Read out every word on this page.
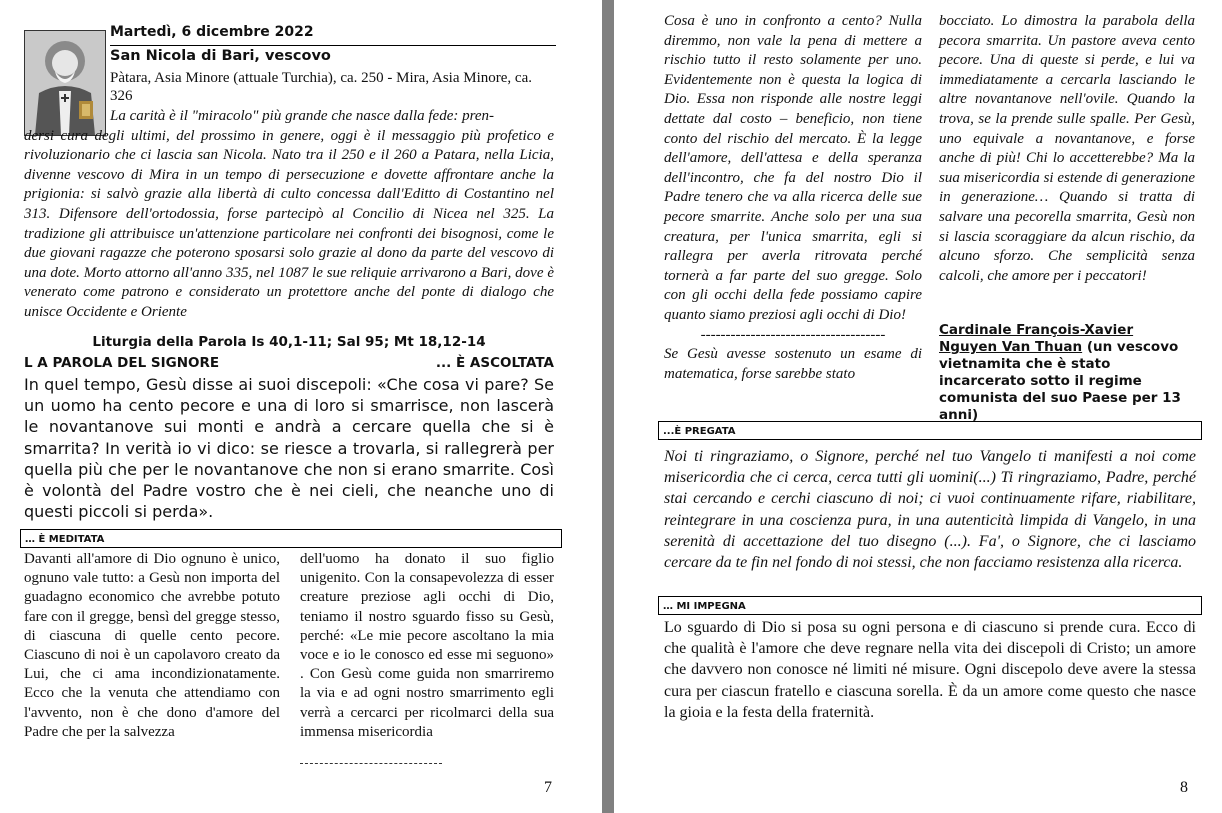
Martedì, 6 dicembre 2022
San Nicola di Bari, vescovo
Pàtara, Asia Minore (attuale Turchia), ca. 250 - Mira, Asia Minore, ca. 326
La carità è il "miracolo" più grande che nasce dalla fede: pren-
dersi cura degli ultimi, del prossimo in genere, oggi è il messaggio più profetico e rivoluzionario che ci lascia san Nicola. Nato tra il 250 e il 260 a Patara, nella Licia, divenne vescovo di Mira in un tempo di persecuzione e dovette affrontare anche la prigionia: si salvò grazie alla libertà di culto concessa dall'Editto di Costantino nel 313. Difensore dell'ortodossia, forse partecipò al Concilio di Nicea nel 325. La tradizione gli attribuisce un'attenzione particolare nei confronti dei bisognosi, come le due giovani ragazze che poterono sposarsi solo grazie al dono da parte del vescovo di una dote. Morto attorno all'anno 335, nel 1087 le sue reliquie arrivarono a Bari, dove è venerato come patrono e considerato un protettore anche del ponte di dialogo che unisce Occidente e Oriente
Liturgia della Parola Is 40,1-11; Sal 95; Mt 18,12-14
L A PAROLA DEL SIGNORE	... È ASCOLTATA
In quel tempo, Gesù disse ai suoi discepoli: «Che cosa vi pare? Se un uomo ha cento pecore e una di loro si smarrisce, non lascerà le novantanove sui monti e andrà a cercare quella che si è smarrita? In verità io vi dico: se riesce a trovarla, si rallegrerà per quella più che per le novantanove che non si erano smarrite. Così è volontà del Padre vostro che è nei cieli, che neanche uno di questi piccoli si perda».
… È MEDITATA
Davanti all'amore di Dio ognuno è unico, ognuno vale tutto: a Gesù non importa del guadagno economico che avrebbe potuto fare con il gregge, bensì del gregge stesso, di ciascuna di quelle cento pecore. Ciascuno di noi è un capolavoro creato da Lui, che ci ama incondizionatamente. Ecco che la venuta che attendiamo con l'avvento, non è che dono d'amore del Padre che per la salvezza
dell'uomo ha donato il suo figlio unigenito. Con la consapevolezza di esser creature preziose agli occhi di Dio, teniamo il nostro sguardo fisso su Gesù, perché: «Le mie pecore ascoltano la mia voce e io le conosco ed esse mi seguono» . Con Gesù come guida non smarriremo la via e ad ogni nostro smarrimento egli verrà a cercarci per ricolmarci della sua immensa misericordia
7

Cosa è uno in confronto a cento? Nulla diremmo, non vale la pena di mettere a rischio tutto il resto solamente per uno. Evidentemente non è questa la logica di Dio. Essa non risponde alle nostre leggi dettate dal costo – beneficio, non tiene conto del rischio del mercato. È la legge dell'amore, dell'attesa e della speranza dell'incontro, che fa del nostro Dio il Padre tenero che va alla ricerca delle sue pecore smarrite. Anche solo per una sua creatura, per l'unica smarrita, egli si rallegra per averla ritrovata perché tornerà a far parte del suo gregge. Solo con gli occhi della fede possiamo capire quanto siamo preziosi agli occhi di Dio!

-------------------------------------

Se Gesù avesse sostenuto un esame di matematica, forse sarebbe stato

bocciato. Lo dimostra la parabola della pecora smarrita. Un pastore aveva cento pecore. Una di queste si perde, e lui va immediatamente a cercarla lasciando le altre novantanove nell'ovile. Quando la trova, se la prende sulle spalle. Per Gesù, uno equivale a novantanove, e forse anche di più! Chi lo accetterebbe? Ma la sua misericordia si estende di generazione in generazione… Quando si tratta di salvare una pecorella smarrita, Gesù non si lascia scoraggiare da alcun rischio, da alcuno sforzo. Che semplicità senza calcoli, che amore per i peccatori!
Cardinale François-Xavier Nguyen Van Thuan (un vescovo vietnamita che è stato incarcerato sotto il regime comunista del suo Paese per 13 anni)
...È PREGATA
Noi ti ringraziamo, o Signore, perché nel tuo Vangelo ti manifesti a noi come misericordia che ci cerca, cerca tutti gli uomini(...) Ti ringraziamo, Padre, perché stai cercando e cerchi ciascuno di noi; ci vuoi continuamente rifare, riabilitare, reintegrare in una coscienza pura, in una autenticità limpida di Vangelo, in una serenità di accettazione del tuo disegno (...). Fa', o Signore, che ci lasciamo cercare da te fin nel fondo di noi stessi, che non facciamo resistenza alla ricerca.
… MI IMPEGNA
Lo sguardo di Dio si posa su ogni persona e di ciascuno si prende cura. Ecco di che qualità è l'amore che deve regnare nella vita dei discepoli di Cristo; un amore che davvero non conosce né limiti né misure. Ogni discepolo deve avere la stessa cura per ciascun fratello e ciascuna sorella. È da un amore come questo che nasce la gioia e la festa della fraternità.
8
